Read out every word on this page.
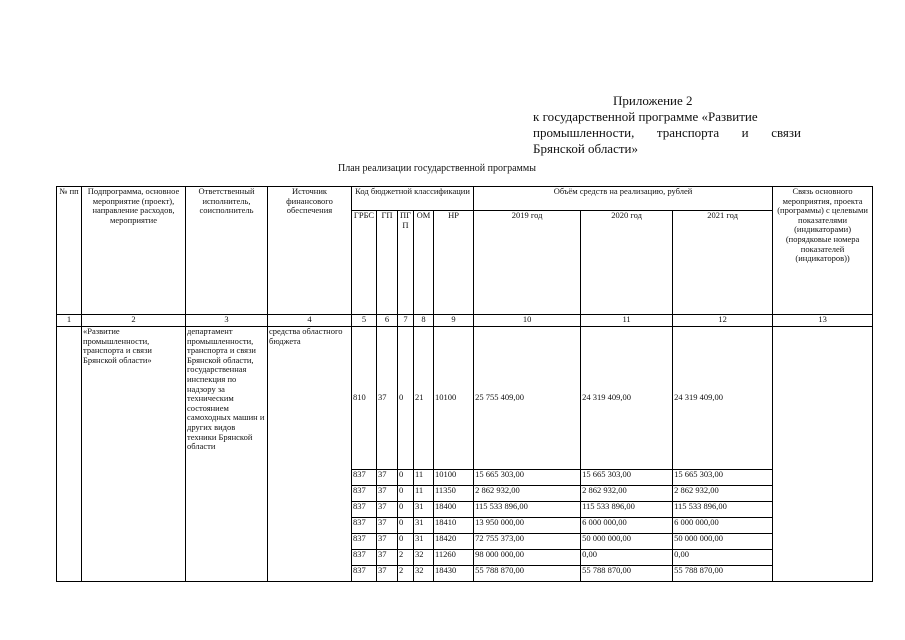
Приложение 2
к государственной программе «Развитие
промышленности, транспорта и связи
Брянской области»
План реализации государственной программы
№ пп	Подпрограмма, основное мероприятие (проект), направление расходов, мероприятие	Ответственный исполнитель, соисполнитель	Источник финансового обеспечения	Код бюджетной классификации					Объём средств на реализацию, рублей			Связь основного мероприятия, проекта (программы) с целевыми показателями (индикаторами) (порядковые номера показателей (индикаторов))
				ГРБС	ГП	ПГ П	ОМ	НР	2019 год	2020 год	2021 год	
1	2	3	4	5	6	7	8	9	10	11	12	13
	«Развитие промышленности, транспорта и связи Брянской области»	департамент промышленности, транспорта и связи Брянской области, государственная инспекция по надзору за техническим состоянием самоходных машин и других видов техники Брянской области	средства областного бюджета	810	37	0	21	10100	25 755 409,00	24 319 409,00	24 319 409,00	
				837	37	0	11	10100	15 665 303,00	15 665 303,00	15 665 303,00	
				837	37	0	11	11350	2 862 932,00	2 862 932,00	2 862 932,00	
				837	37	0	31	18400	115 533 896,00	115 533 896,00	115 533 896,00	
				837	37	0	31	18410	13 950 000,00	6 000 000,00	6 000 000,00	
				837	37	0	31	18420	72 755 373,00	50 000 000,00	50 000 000,00	
				837	37	2	32	11260	98 000 000,00	0,00	0,00	
				837	37	2	32	18430	55 788 870,00	55 788 870,00	55 788 870,00	
